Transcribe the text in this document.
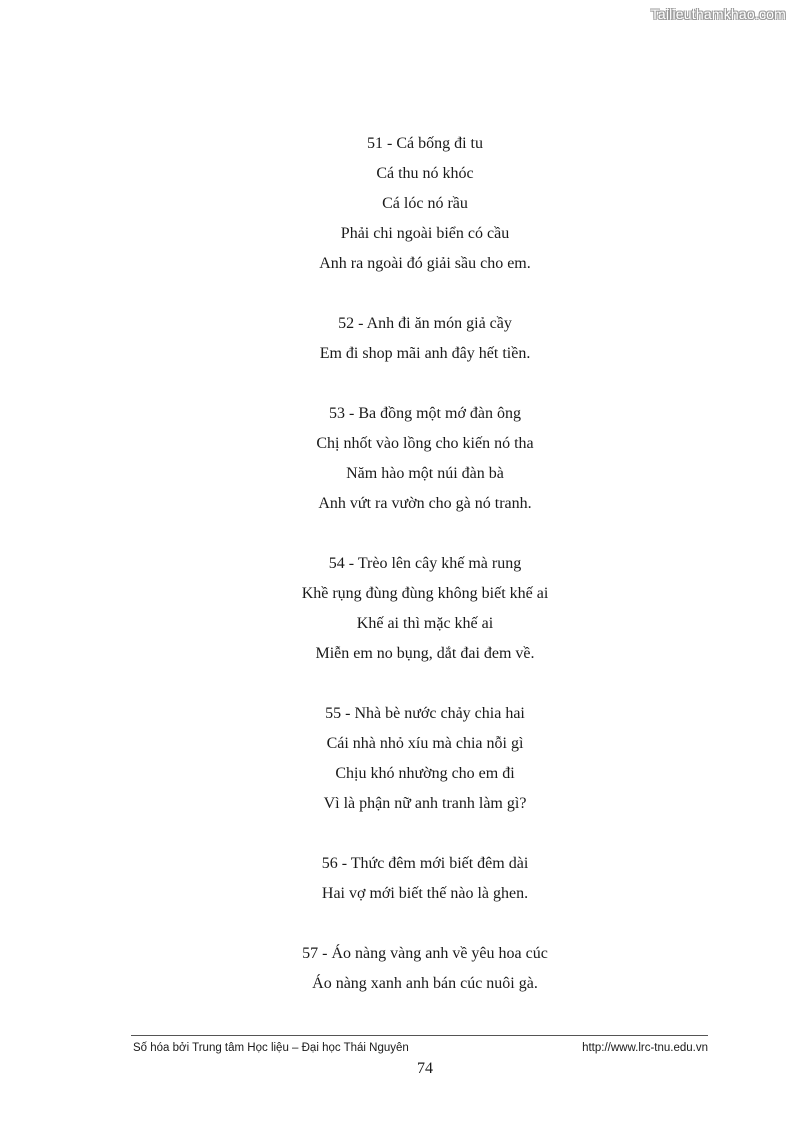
Tailieuthamkhao.com
51 - Cá bống đi tu
Cá thu nó khóc
Cá lóc nó rầu
Phải chi ngoài biển có cầu
Anh ra ngoài đó giải sầu cho em.
52 - Anh đi ăn món giả cầy
Em đi shop mãi anh đây hết tiền.
53 - Ba đồng một mớ đàn ông
Chị nhốt vào lồng cho kiến nó tha
Năm hào một núi đàn bà
Anh vứt ra vườn cho gà nó tranh.
54 - Trèo lên cây khế mà rung
Khề rụng đùng đùng không biết khế ai
Khế ai thì mặc khế ai
Miễn em no bụng, dắt đai đem về.
55 - Nhà bè nước chảy chia hai
Cái nhà nhỏ xíu mà chia nỗi gì
Chịu khó nhường cho em đi
Vì là phận nữ anh tranh làm gì?
56 - Thức đêm mới biết đêm dài
Hai vợ mới biết thế nào là ghen.
57 - Áo nàng vàng anh về yêu hoa cúc
Áo nàng xanh anh bán cúc nuôi gà.
Số hóa bởi Trung tâm Học liệu – Đại học Thái Nguyên	http://www.lrc-tnu.edu.vn
74
